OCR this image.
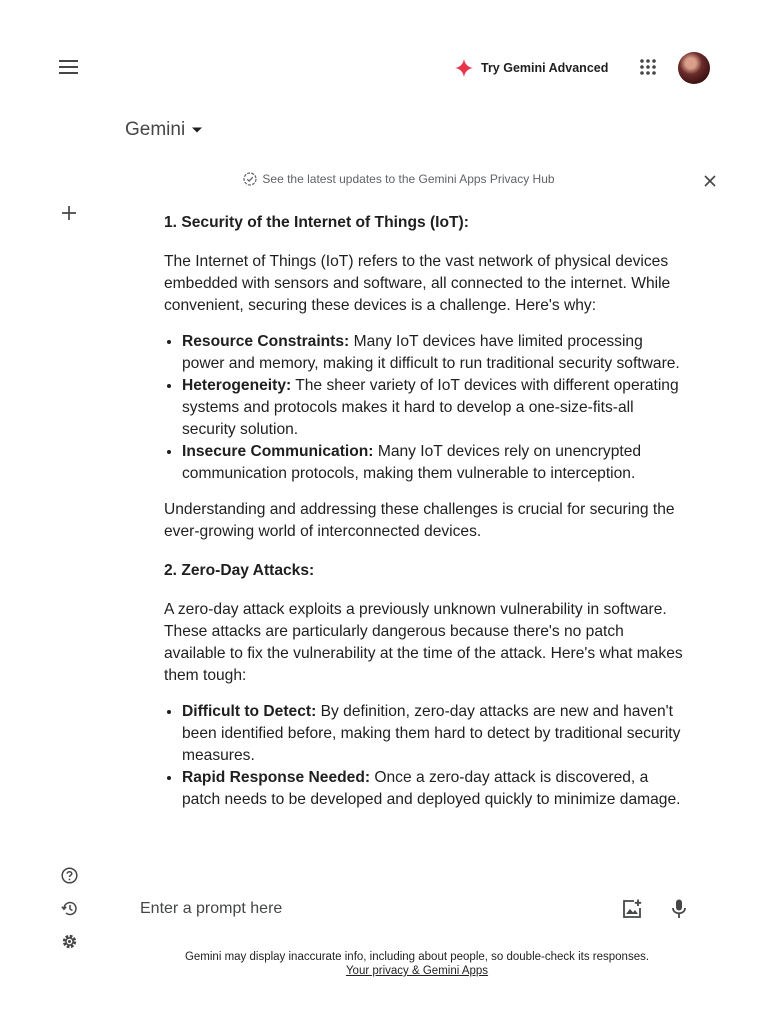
Try Gemini Advanced
Gemini
See the latest updates to the Gemini Apps Privacy Hub
1. Security of the Internet of Things (IoT):

The Internet of Things (IoT) refers to the vast network of physical devices embedded with sensors and software, all connected to the internet. While convenient, securing these devices is a challenge. Here's why:

• Resource Constraints: Many IoT devices have limited processing power and memory, making it difficult to run traditional security software.
• Heterogeneity: The sheer variety of IoT devices with different operating systems and protocols makes it hard to develop a one-size-fits-all security solution.
• Insecure Communication: Many IoT devices rely on unencrypted communication protocols, making them vulnerable to interception.

Understanding and addressing these challenges is crucial for securing the ever-growing world of interconnected devices.

2. Zero-Day Attacks:

A zero-day attack exploits a previously unknown vulnerability in software. These attacks are particularly dangerous because there's no patch available to fix the vulnerability at the time of the attack. Here's what makes them tough:

• Difficult to Detect: By definition, zero-day attacks are new and haven't been identified before, making them hard to detect by traditional security measures.
• Rapid Response Needed: Once a zero-day attack is discovered, a patch needs to be developed and deployed quickly to minimize damage.
Enter a prompt here
Gemini may display inaccurate info, including about people, so double-check its responses.
Your privacy & Gemini Apps
